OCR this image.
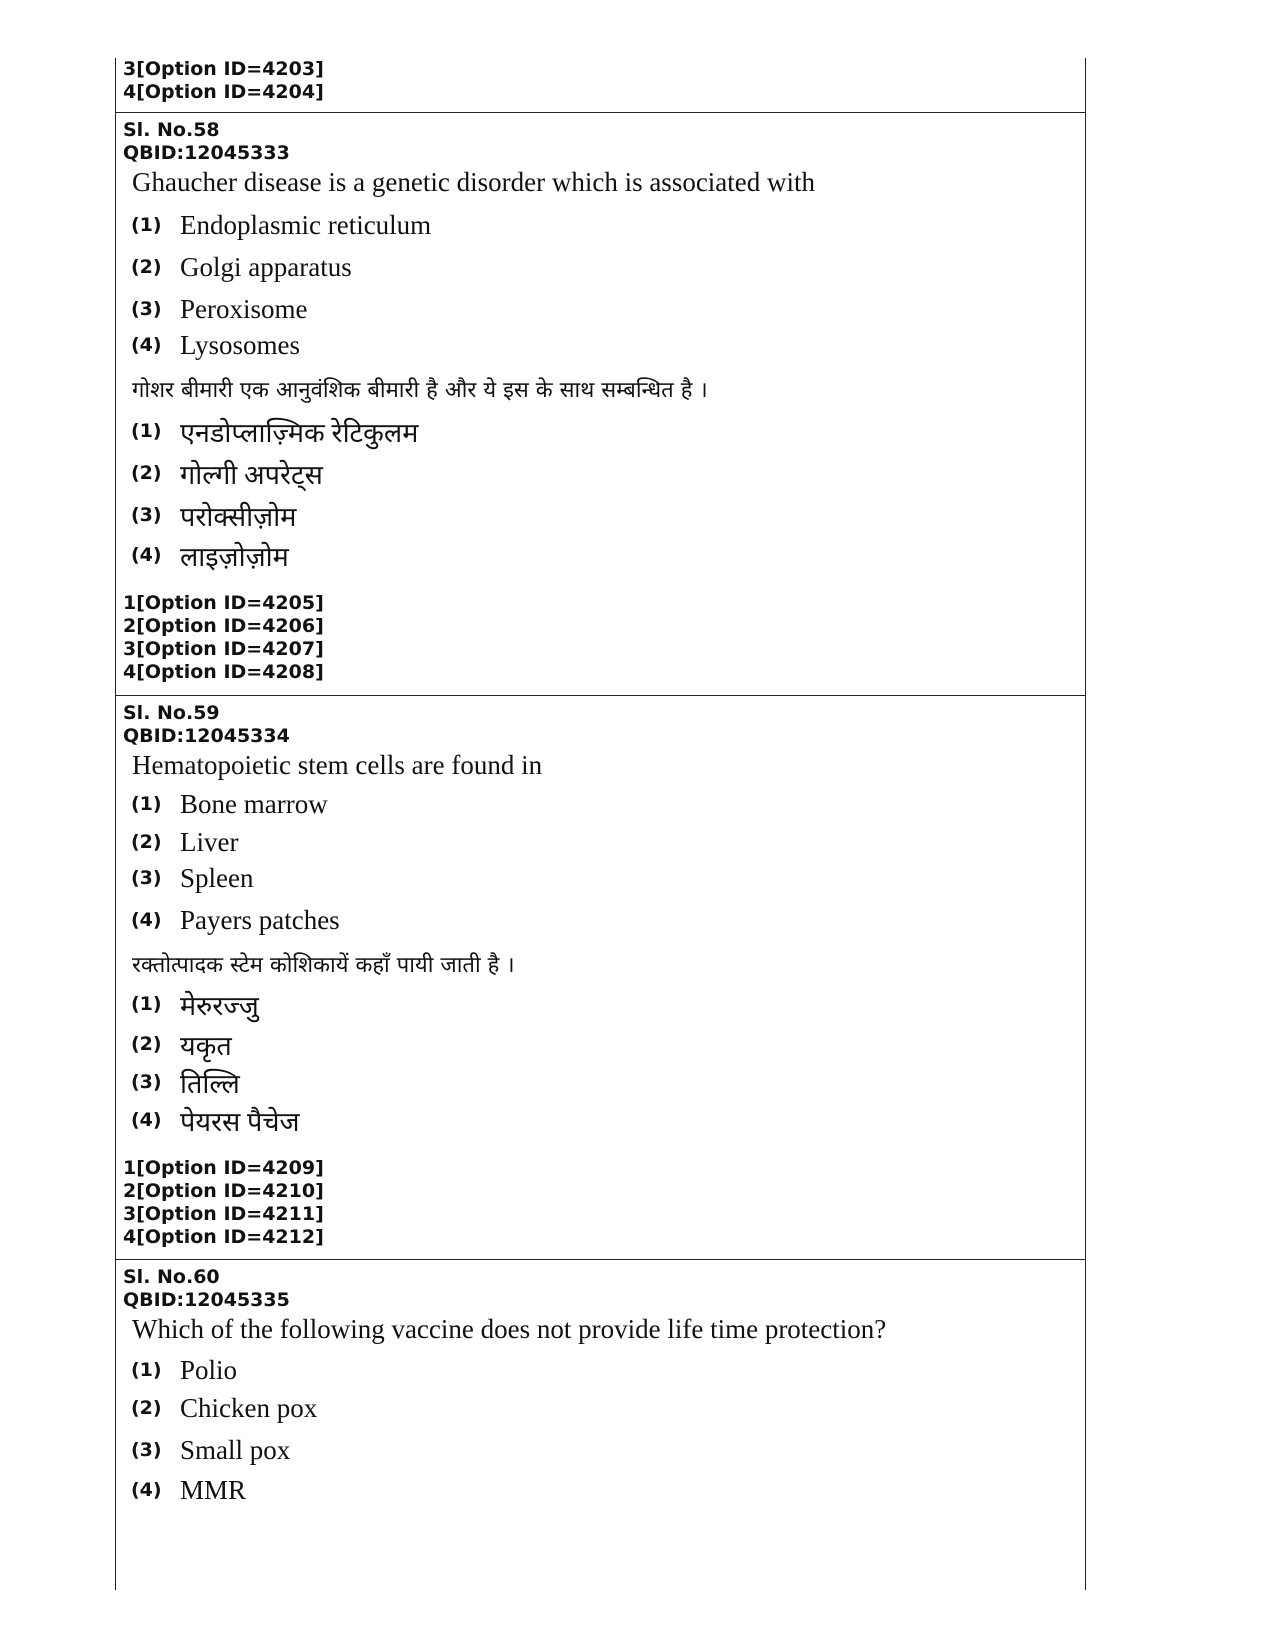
3[Option ID=4203]
4[Option ID=4204]
Sl. No.58
QBID:12045333
Ghaucher disease is a genetic disorder which is associated with
(1) Endoplasmic reticulum
(2) Golgi apparatus
(3) Peroxisome
(4) Lysosomes
गोशर बीमारी एक आनुवंशिक बीमारी है और ये इस के साथ सम्बन्धित है ।
(1) एनडोप्लाज़्मिक रेटिकुलम
(2) गोल्गी अपरेट्स
(3) परोक्सीज़ोम
(4) लाइज़ोज़ोम
1[Option ID=4205]
2[Option ID=4206]
3[Option ID=4207]
4[Option ID=4208]
Sl. No.59
QBID:12045334
Hematopoietic stem cells are found in
(1) Bone marrow
(2) Liver
(3) Spleen
(4) Payers patches
रक्तोत्पादक स्टेम कोशिकायें कहाँ पायी जाती है ।
(1) मेरुरज्जु
(2) यकृत
(3) तिल्लि
(4) पेयरस पैचेज
1[Option ID=4209]
2[Option ID=4210]
3[Option ID=4211]
4[Option ID=4212]
Sl. No.60
QBID:12045335
Which of the following vaccine does not provide life time protection?
(1) Polio
(2) Chicken pox
(3) Small pox
(4) MMR
